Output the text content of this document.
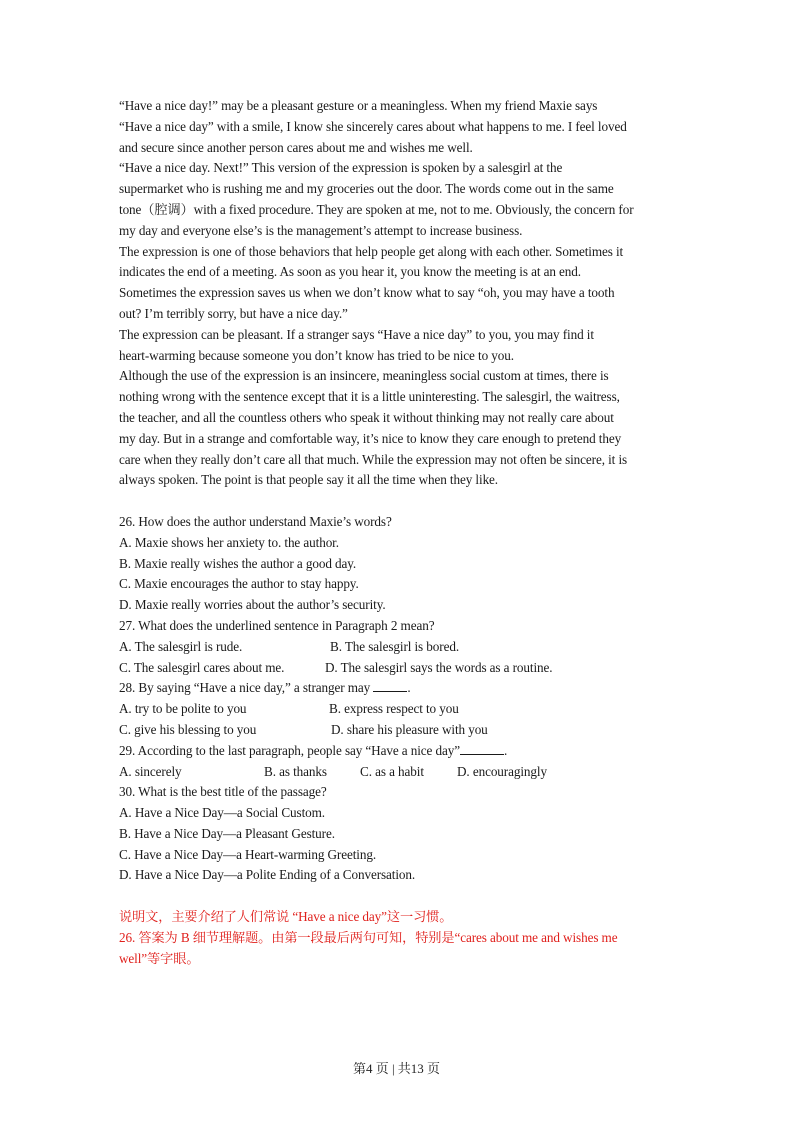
“Have a nice day!” may be a pleasant gesture or a meaningless. When my friend Maxie says
“Have a nice day” with a smile, I know she sincerely cares about what happens to me. I feel loved
and secure since another person cares about me and wishes me well.
“Have a nice day. Next!” This version of the expression is spoken by a salesgirl at the
supermarket who is rushing me and my groceries out the door. The words come out in the same
tone（腔调）with a fixed procedure. They are spoken at me, not to me. Obviously, the concern for
my day and everyone else’s is the management’s attempt to increase business.
The expression is one of those behaviors that help people get along with each other. Sometimes it
indicates the end of a meeting. As soon as you hear it, you know the meeting is at an end.
Sometimes the expression saves us when we don’t know what to say “oh, you may have a tooth
out? I’m terribly sorry, but have a nice day.”
The expression can be pleasant. If a stranger says “Have a nice day” to you, you may find it
heart-warming because someone you don’t know has tried to be nice to you.
Although the use of the expression is an insincere, meaningless social custom at times, there is
nothing wrong with the sentence except that it is a little uninteresting. The salesgirl, the waitress,
the teacher, and all the countless others who speak it without thinking may not really care about
my day. But in a strange and comfortable way, it’s nice to know they care enough to pretend they
care when they really don’t care all that much. While the expression may not often be sincere, it is
always spoken. The point is that people say it all the time when they like.
26. How does the author understand Maxie’s words?
A. Maxie shows her anxiety to. the author.
B. Maxie really wishes the author a good day.
C. Maxie encourages the author to stay happy.
D. Maxie really worries about the author’s security.
27. What does the underlined sentence in Paragraph 2 mean?
A. The salesgirl is rude.	B. The salesgirl is bored.
C. The salesgirl cares about me.	D. The salesgirl says the words as a routine.
28. By saying “Have a nice day,” a stranger may	.
A. try to be polite to you	B. express respect to you
C. give his blessing to you	D. share his pleasure with you
29. According to the last paragraph, people say “Have a nice day”	.
A. sincerely	B. as thanks	C. as a habit	D. encouragingly
30. What is the best title of the passage?
A. Have a Nice Day—a Social Custom.
B. Have a Nice Day—a Pleasant Gesture.
C. Have a Nice Day—a Heart-warming Greeting.
D. Have a Nice Day—a Polite Ending of a Conversation.
说明文，主要介绍了人们常说 “Have a nice day”这一习惯。
26. 答案为 B 细节理解题。由第一段最后两句可知，特别是“cares about me and wishes me
well”等字眼。
第4 页 | 共13 页
